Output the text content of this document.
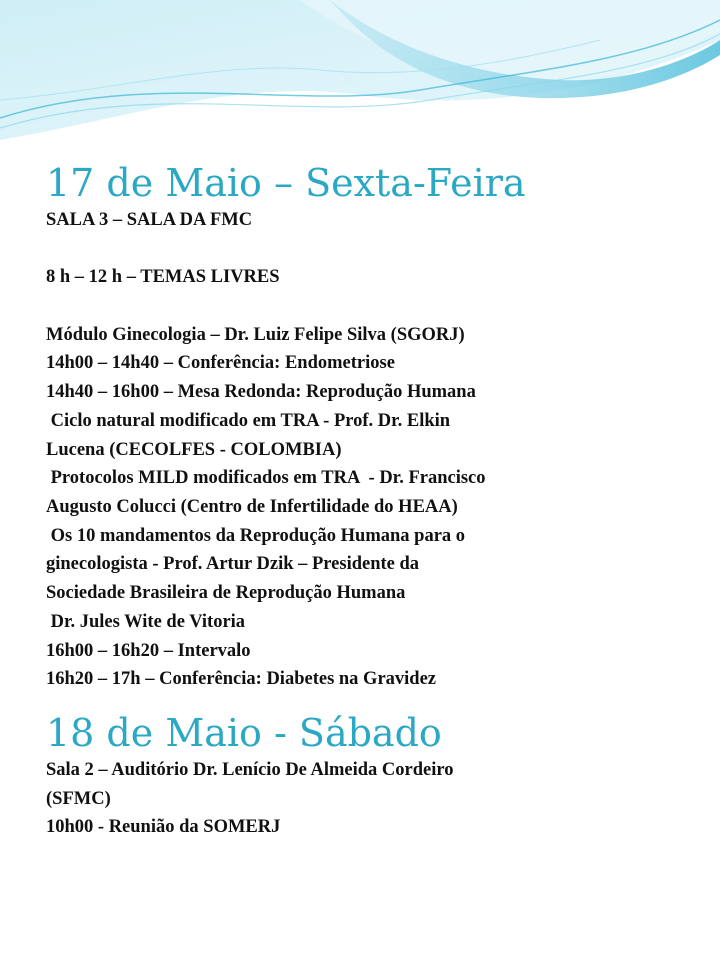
17 de Maio – Sexta-Feira

SALA 3 – SALA DA FMC

8 h – 12 h – TEMAS LIVRES

Módulo Ginecologia – Dr. Luiz Felipe Silva (SGORJ)

14h00 – 14h40 – Conferência: Endometriose

14h40 – 16h00 – Mesa Redonda: Reprodução Humana

Ciclo natural modificado em TRA - Prof. Dr. Elkin

Lucena (CECOLFES - COLOMBIA)

Protocolos MILD modificados em TRA  - Dr. Francisco

Augusto Colucci (Centro de Infertilidade do HEAA)

Os 10 mandamentos da Reprodução Humana para o

ginecologista - Prof. Artur Dzik – Presidente da

Sociedade Brasileira de Reprodução Humana

Dr. Jules Wite de Vitoria

16h00 – 16h20 – Intervalo

16h20 – 17h – Conferência: Diabetes na Gravidez

18 de Maio - Sábado

Sala 2 – Auditório Dr. Lenício De Almeida Cordeiro

(SFMC)

10h00 - Reunião da SOMERJ
